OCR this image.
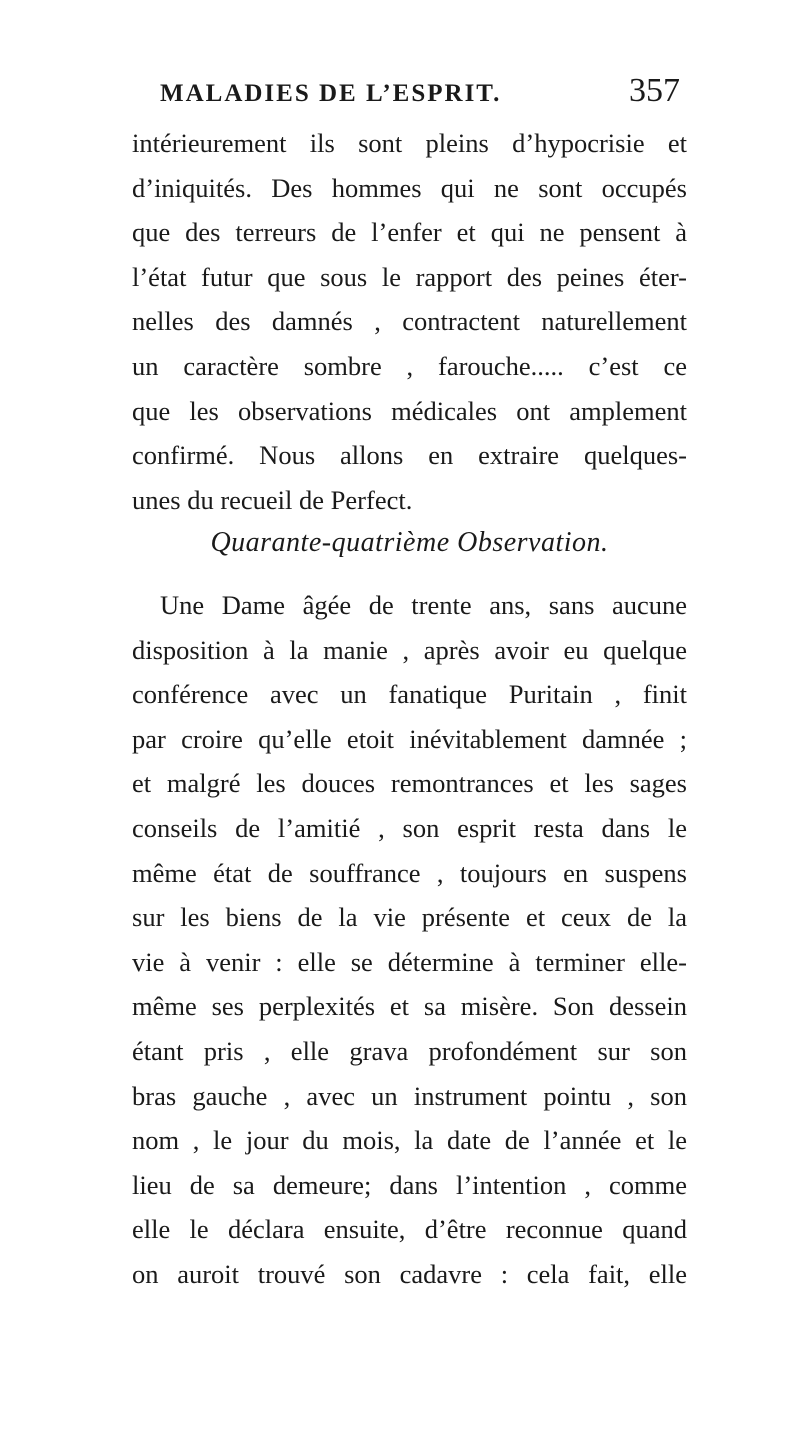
MALADIES DE L’ESPRIT.	357
intérieurement ils sont pleins d’hypocrisie et
d’iniquités. Des hommes qui ne sont occupés
que des terreurs de l’enfer et qui ne pensent à
l’état futur que sous le rapport des peines éter-
nelles des damnés , contractent naturellement
un caractère sombre , farouche..... c’est ce
que les observations médicales ont amplement
confirmé. Nous allons en extraire quelques-
unes du recueil de Perfect.
Quarante-quatrième Observation.
Une Dame âgée de trente ans, sans aucune
disposition à la manie , après avoir eu quelque
conférence avec un fanatique Puritain , finit
par croire qu’elle etoit inévitablement damnée ;
et malgré les douces remontrances et les sages
conseils de l’amitié , son esprit resta dans le
même état de souffrance , toujours en suspens
sur les biens de la vie présente et ceux de la
vie à venir : elle se détermine à terminer elle-
même ses perplexités et sa misère. Son dessein
étant pris , elle grava profondément sur son
bras gauche , avec un instrument pointu , son
nom , le jour du mois, la date de l’année et le
lieu de sa demeure; dans l’intention , comme
elle le déclara ensuite, d’être reconnue quand
on auroit trouvé son cadavre : cela fait, elle
